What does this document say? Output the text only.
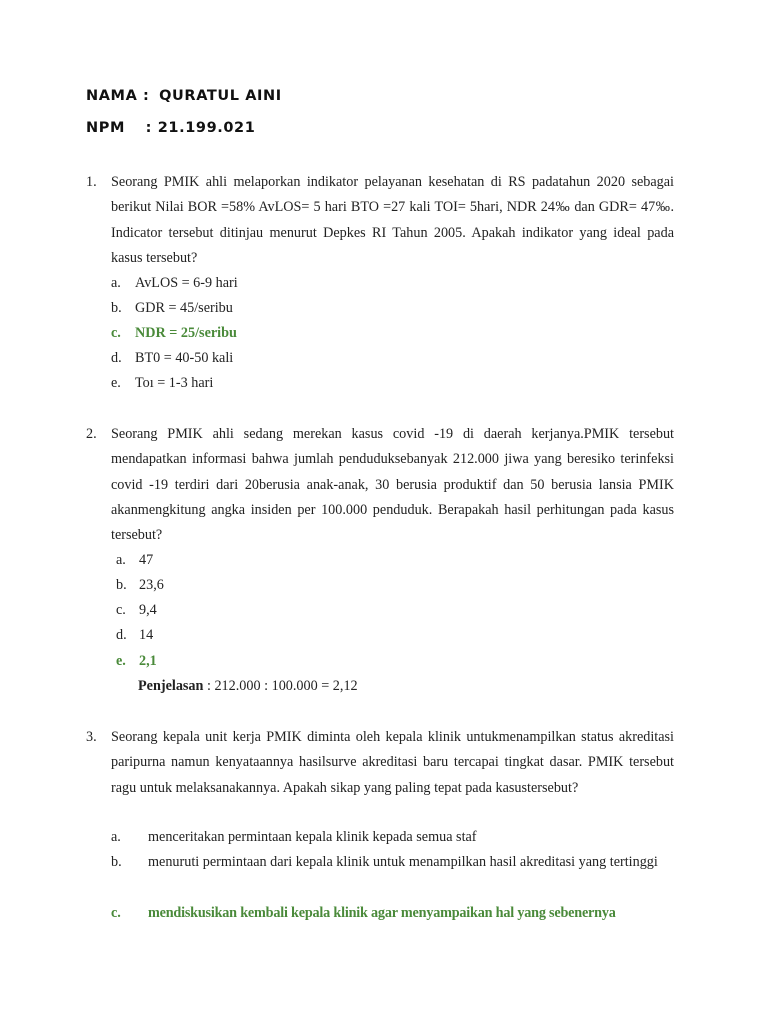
NAMA : QURATUL AINI
NPM : 21.199.021
1. Seorang PMIK ahli melaporkan indikator pelayanan kesehatan di RS padatahun 2020 sebagai berikut Nilai BOR =58% AvLOS= 5 hari BTO =27 kali TOI= 5hari, NDR 24‰ dan GDR= 47‰. Indicator tersebut ditinjau menurut Depkes RI Tahun 2005. Apakah indikator yang ideal pada kasus tersebut?
a. AvLOS = 6-9 hari
b. GDR = 45/seribu
c. NDR = 25/seribu
d. BT0 = 40-50 kali
e. Toı = 1-3 hari
2. Seorang PMIK ahli sedang merekan kasus covid -19 di daerah kerjanya.PMIK tersebut mendapatkan informasi bahwa jumlah penduduksebanyak 212.000 jiwa yang beresiko terinfeksi covid -19 terdiri dari 20berusia anak-anak, 30 berusia produktif dan 50 berusia lansia PMIK akanmengkitung angka insiden per 100.000 penduduk. Berapakah hasil perhitungan pada kasus tersebut?
a. 47
b. 23,6
c. 9,4
d. 14
e. 2,1
Penjelasan : 212.000 : 100.000 = 2,12
3. Seorang kepala unit kerja PMIK diminta oleh kepala klinik untukmenampilkan status akreditasi paripurna namun kenyataannya hasilsurve akreditasi baru tercapai tingkat dasar. PMIK tersebut ragu untuk melaksanakannya. Apakah sikap yang paling tepat pada kasustersebut?
a. menceritakan permintaan kepala klinik kepada semua staf
b. menuruti permintaan dari kepala klinik untuk menampilkan hasil akreditasi yang tertinggi
c. mendiskusikan kembali kepala klinik agar menyampaikan hal yang sebenernya
